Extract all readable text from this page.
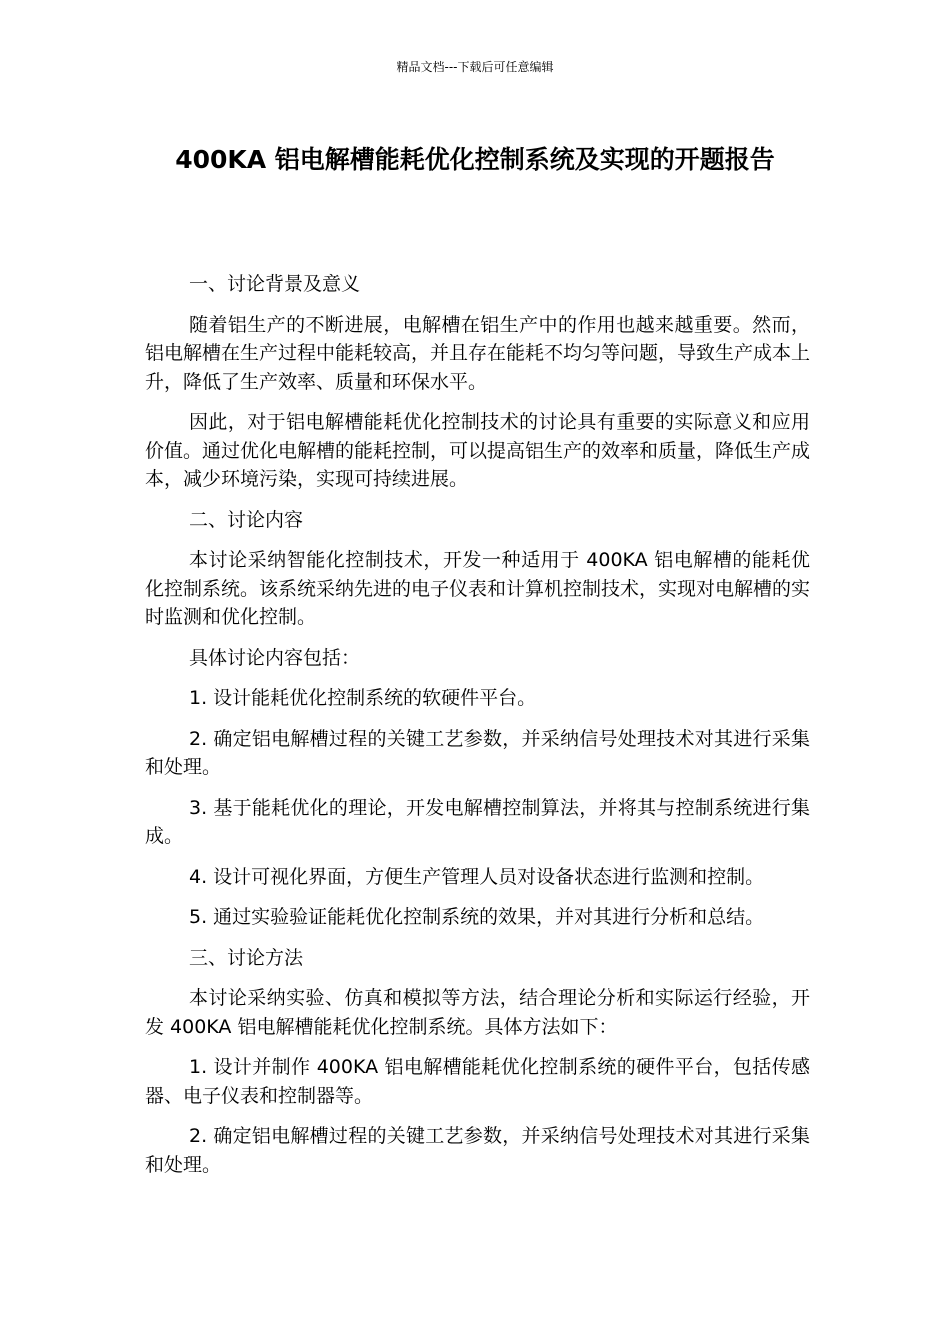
精品文档---下载后可任意编辑
400KA 铝电解槽能耗优化控制系统及实现的开题报告

一、讨论背景及意义

随着铝生产的不断进展，电解槽在铝生产中的作用也越来越重要。然而，铝电解槽在生产过程中能耗较高，并且存在能耗不均匀等问题，导致生产成本上升，降低了生产效率、质量和环保水平。

因此，对于铝电解槽能耗优化控制技术的讨论具有重要的实际意义和应用价值。通过优化电解槽的能耗控制，可以提高铝生产的效率和质量，降低生产成本，减少环境污染，实现可持续进展。

二、讨论内容

本讨论采纳智能化控制技术，开发一种适用于 400KA 铝电解槽的能耗优化控制系统。该系统采纳先进的电子仪表和计算机控制技术，实现对电解槽的实时监测和优化控制。

具体讨论内容包括：

1. 设计能耗优化控制系统的软硬件平台。

2. 确定铝电解槽过程的关键工艺参数，并采纳信号处理技术对其进行采集和处理。

3. 基于能耗优化的理论，开发电解槽控制算法，并将其与控制系统进行集成。

4. 设计可视化界面，方便生产管理人员对设备状态进行监测和控制。

5. 通过实验验证能耗优化控制系统的效果，并对其进行分析和总结。

三、讨论方法

本讨论采纳实验、仿真和模拟等方法，结合理论分析和实际运行经验，开发 400KA 铝电解槽能耗优化控制系统。具体方法如下：

1. 设计并制作 400KA 铝电解槽能耗优化控制系统的硬件平台，包括传感器、电子仪表和控制器等。

2. 确定铝电解槽过程的关键工艺参数，并采纳信号处理技术对其进行采集和处理。
